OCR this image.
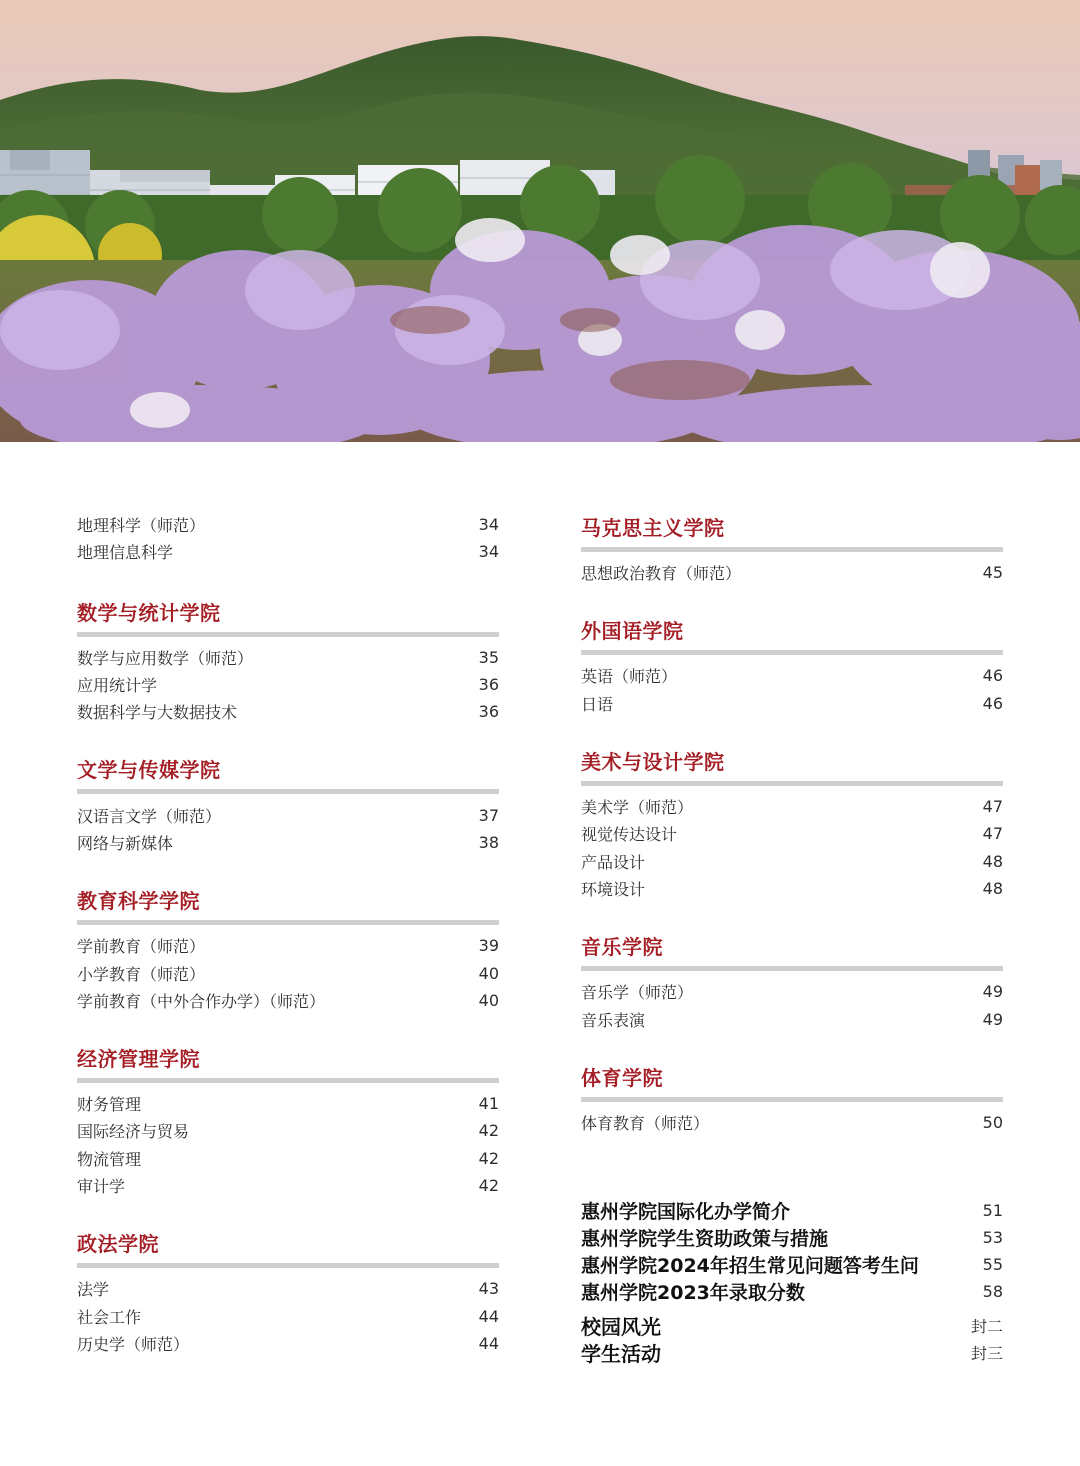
地理科学（师范）	34
地理信息科学	34
数学与统计学院
数学与应用数学（师范）	35
应用统计学	36
数据科学与大数据技术	36
文学与传媒学院
汉语言文学（师范）	37
网络与新媒体	38
教育科学学院
学前教育（师范）	39
小学教育（师范）	40
学前教育（中外合作办学）（师范）	40
经济管理学院
财务管理	41
国际经济与贸易	42
物流管理	42
审计学	42
政法学院
法学	43
社会工作	44
历史学（师范）	44
马克思主义学院
思想政治教育（师范）	45
外国语学院
英语（师范）	46
日语	46
美术与设计学院
美术学（师范）	47
视觉传达设计	47
产品设计	48
环境设计	48
音乐学院
音乐学（师范）	49
音乐表演	49
体育学院
体育教育（师范）	50
惠州学院国际化办学简介	51
惠州学院学生资助政策与措施	53
惠州学院2024年招生常见问题答考生问	55
惠州学院2023年录取分数	58
校园风光	封二
学生活动	封三
